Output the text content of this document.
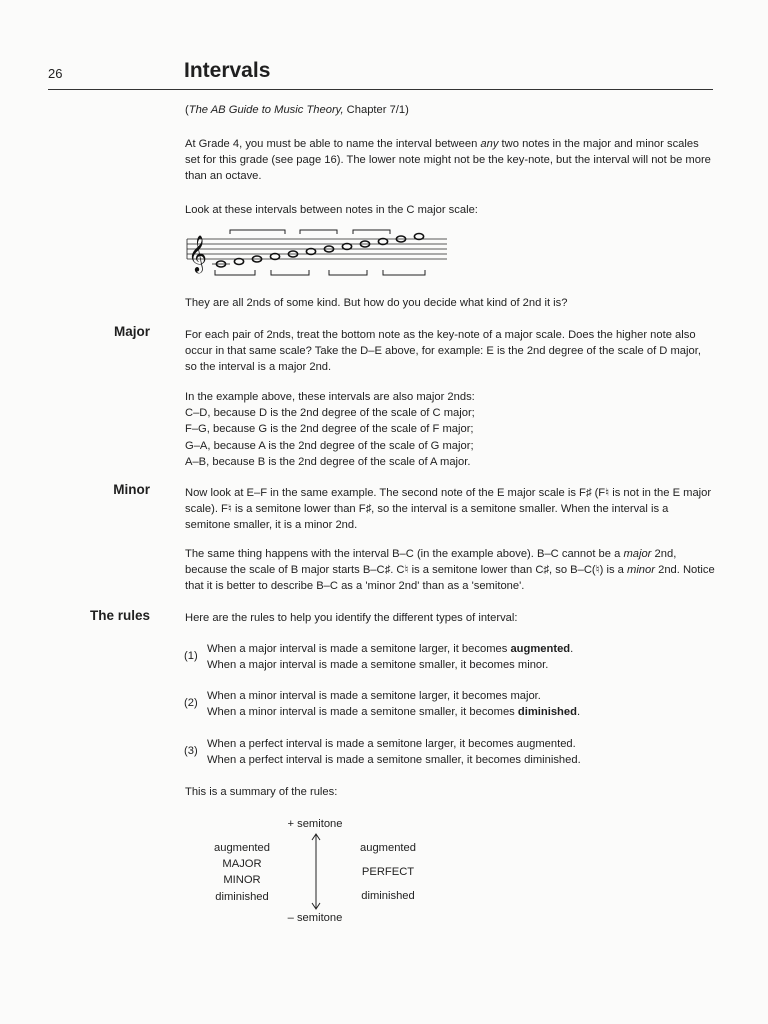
26	Intervals
(The AB Guide to Music Theory, Chapter 7/1)
At Grade 4, you must be able to name the interval between any two notes in the major and minor scales set for this grade (see page 16). The lower note might not be the key-note, but the interval will not be more than an octave.
Look at these intervals between notes in the C major scale:
𝄞
They are all 2nds of some kind. But how do you decide what kind of 2nd it is?
Major	For each pair of 2nds, treat the bottom note as the key-note of a major scale. Does the higher note also occur in that same scale? Take the D–E above, for example: E is the 2nd degree of the scale of D major, so the interval is a major 2nd.
In the example above, these intervals are also major 2nds:
C–D, because D is the 2nd degree of the scale of C major;
F–G, because G is the 2nd degree of the scale of F major;
G–A, because A is the 2nd degree of the scale of G major;
A–B, because B is the 2nd degree of the scale of A major.
Minor	Now look at E–F in the same example. The second note of the E major scale is F♯ (F♮ is not in the E major scale). F♮ is a semitone lower than F♯, so the interval is a semitone smaller. When the interval is a semitone smaller, it is a minor 2nd.
The same thing happens with the interval B–C (in the example above). B–C cannot be a major 2nd, because the scale of B major starts B–C♯. C♮ is a semitone lower than C♯, so B–C(♮) is a minor 2nd. Notice that it is better to describe B–C as a 'minor 2nd' than as a 'semitone'.
The rules	Here are the rules to help you identify the different types of interval:
(1)
When a major interval is made a semitone larger, it becomes augmented.
When a major interval is made a semitone smaller, it becomes minor.
(2)
When a minor interval is made a semitone larger, it becomes major.
When a minor interval is made a semitone smaller, it becomes diminished.
(3)
When a perfect interval is made a semitone larger, it becomes augmented.
When a perfect interval is made a semitone smaller, it becomes diminished.
This is a summary of the rules:
+ semitone
– semitone
augmented
MAJOR
MINOR
diminished
augmented
PERFECT
diminished
